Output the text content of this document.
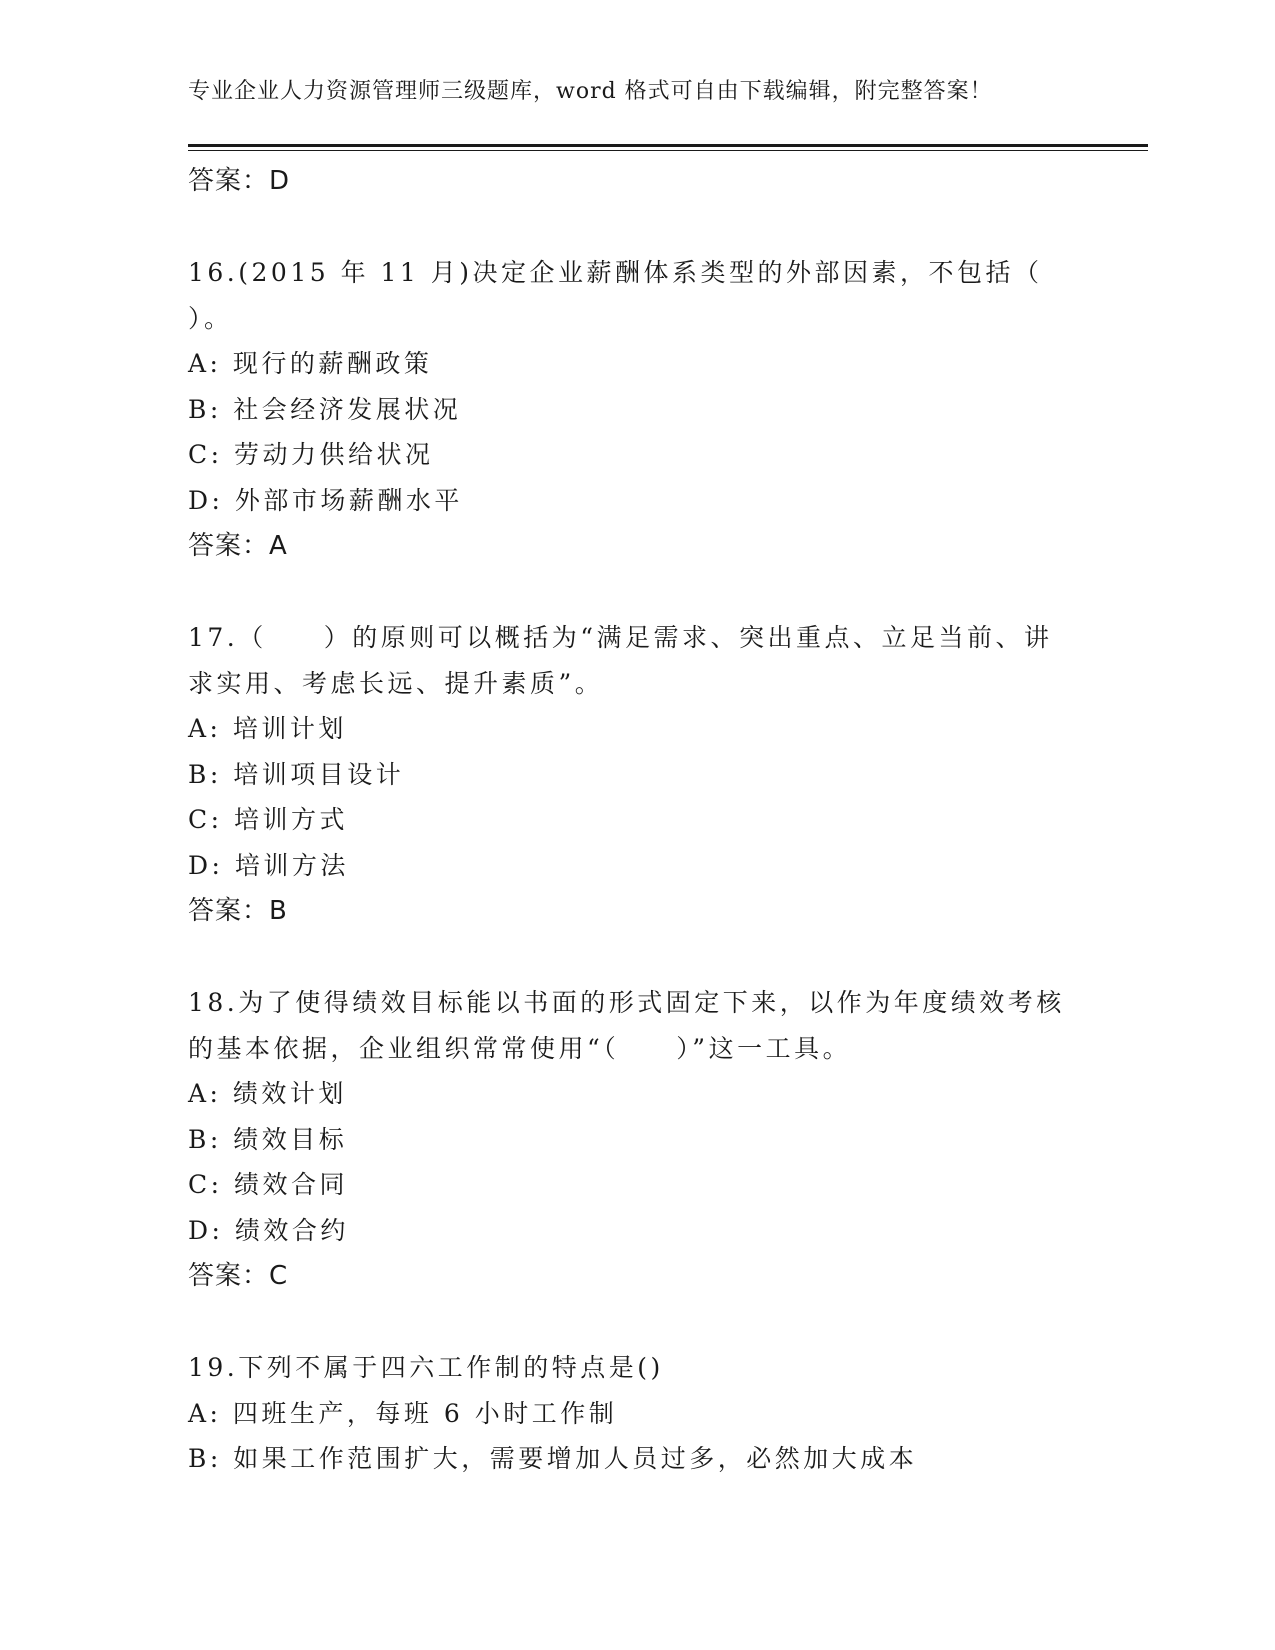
专业企业人力资源管理师三级题库，word 格式可自由下载编辑，附完整答案！
答案：D
16.(2015 年 11 月)决定企业薪酬体系类型的外部因素，不包括（
）。
A: 现行的薪酬政策
B: 社会经济发展状况
C: 劳动力供给状况
D: 外部市场薪酬水平
答案：A
17.（　　）的原则可以概括为“满足需求、突出重点、立足当前、讲
求实用、考虑长远、提升素质”。
A: 培训计划
B: 培训项目设计
C: 培训方式
D: 培训方法
答案：B
18.为了使得绩效目标能以书面的形式固定下来，以作为年度绩效考核
的基本依据，企业组织常常使用“（　　）”这一工具。
A: 绩效计划
B: 绩效目标
C: 绩效合同
D: 绩效合约
答案：C
19.下列不属于四六工作制的特点是()
A: 四班生产，每班 6 小时工作制
B: 如果工作范围扩大，需要增加人员过多，必然加大成本
